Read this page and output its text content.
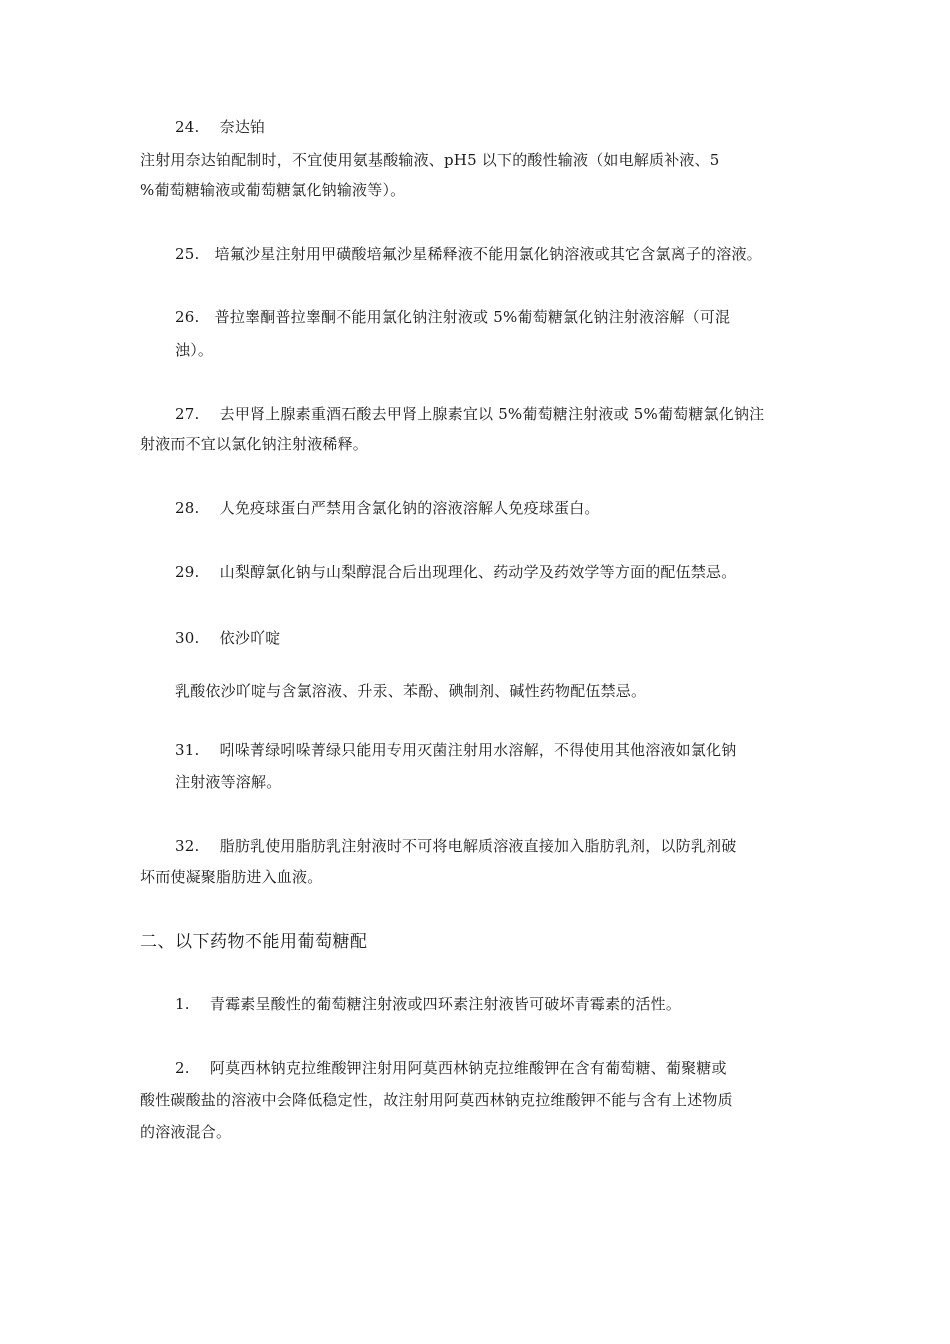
24.　 奈达铂
注射用奈达铂配制时，不宜使用氨基酸输液、pH5 以下的酸性输液（如电解质补液、5
%葡萄糖输液或葡萄糖氯化钠输液等）。
25.　培氟沙星注射用甲磺酸培氟沙星稀释液不能用氯化钠溶液或其它含氯离子的溶液。
26.　普拉睾酮普拉睾酮不能用氯化钠注射液或 5%葡萄糖氯化钠注射液溶解（可混
浊）。
27.　 去甲肾上腺素重酒石酸去甲肾上腺素宜以 5%葡萄糖注射液或 5%葡萄糖氯化钠注
射液而不宜以氯化钠注射液稀释。
28.　 人免疫球蛋白严禁用含氯化钠的溶液溶解人免疫球蛋白。
29.　 山梨醇氯化钠与山梨醇混合后出现理化、药动学及药效学等方面的配伍禁忌。
30.　 依沙吖啶
乳酸依沙吖啶与含氯溶液、升汞、苯酚、碘制剂、碱性药物配伍禁忌。
31.　 吲哚菁绿吲哚菁绿只能用专用灭菌注射用水溶解，不得使用其他溶液如氯化钠
注射液等溶解。
32.　 脂肪乳使用脂肪乳注射液时不可将电解质溶液直接加入脂肪乳剂，以防乳剂破
坏而使凝聚脂肪进入血液。
二、以下药物不能用葡萄糖配
1.　 青霉素呈酸性的葡萄糖注射液或四环素注射液皆可破坏青霉素的活性。
2.　 阿莫西林钠克拉维酸钾注射用阿莫西林钠克拉维酸钾在含有葡萄糖、葡聚糖或
酸性碳酸盐的溶液中会降低稳定性，故注射用阿莫西林钠克拉维酸钾不能与含有上述物质
的溶液混合。
